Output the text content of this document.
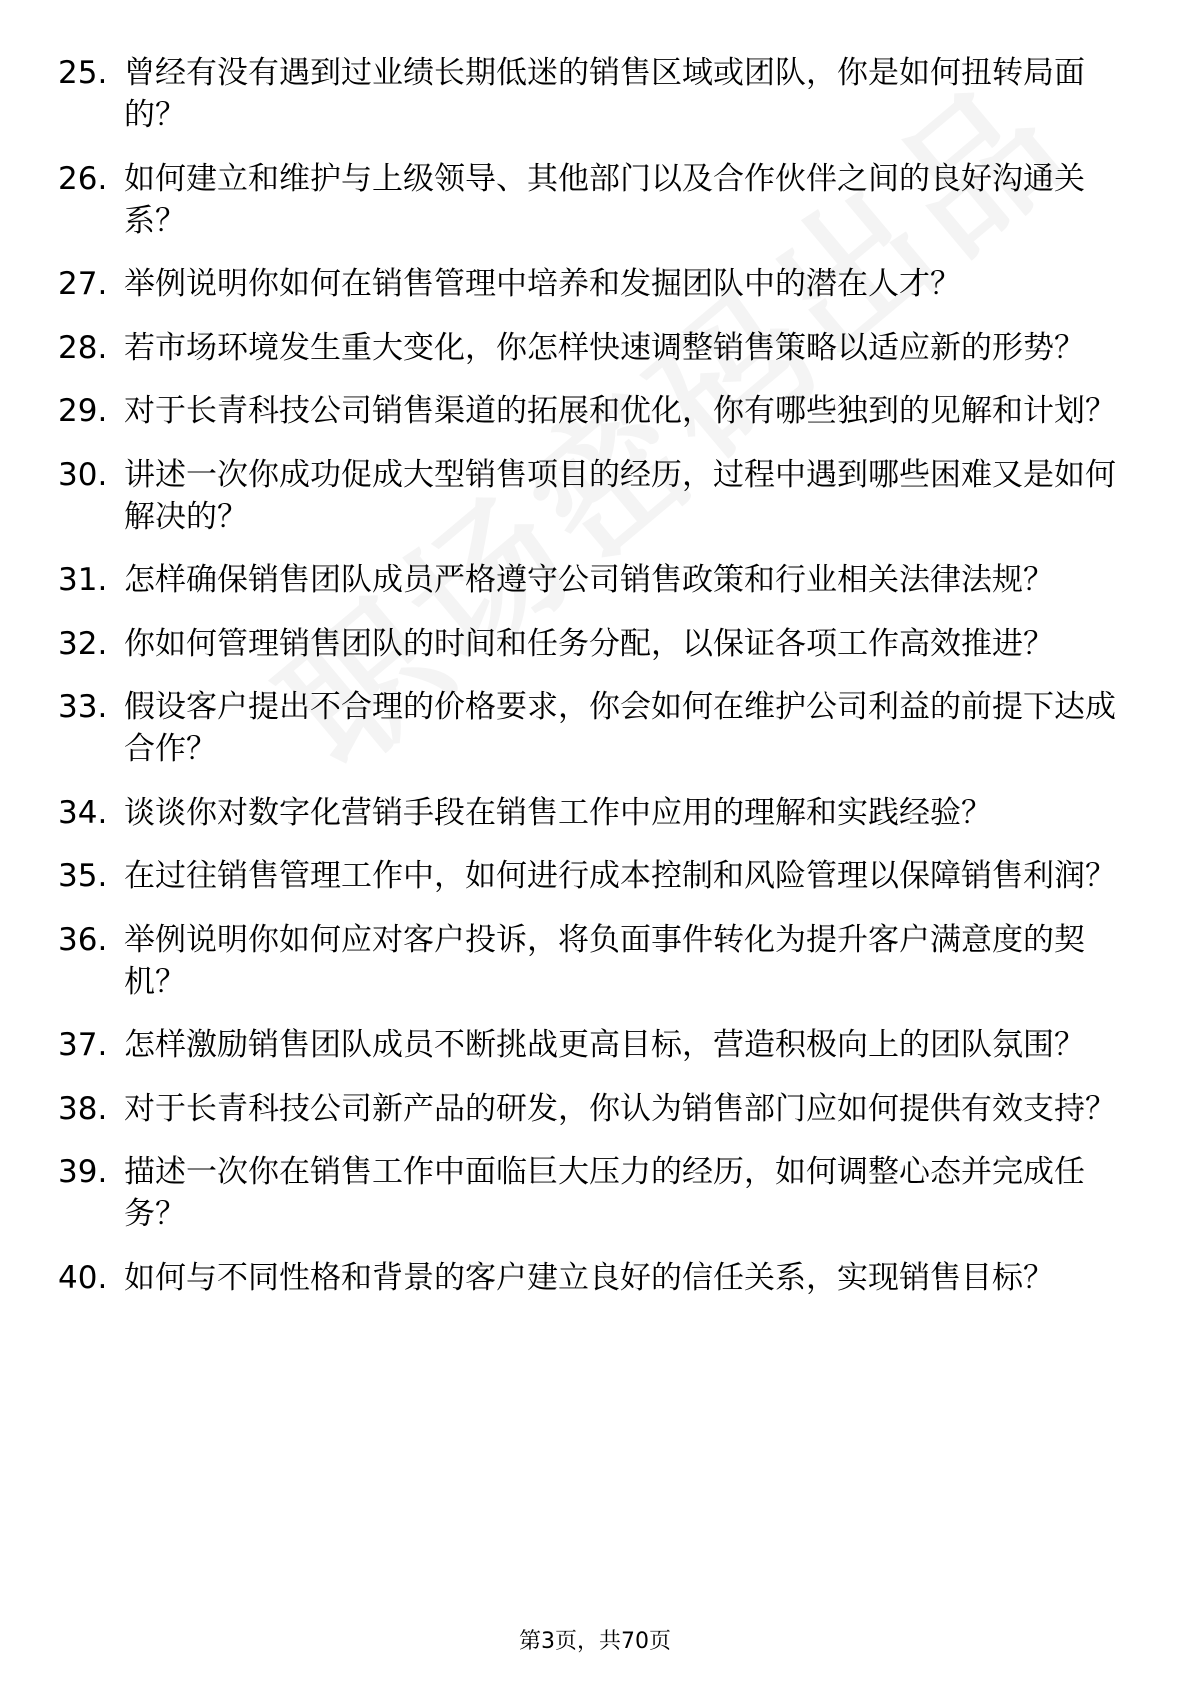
25. 曾经有没有遇到过业绩长期低迷的销售区域或团队，你是如何扭转局面的？
26. 如何建立和维护与上级领导、其他部门以及合作伙伴之间的良好沟通关系？
27. 举例说明你如何在销售管理中培养和发掘团队中的潜在人才？
28. 若市场环境发生重大变化，你怎样快速调整销售策略以适应新的形势？
29. 对于长青科技公司销售渠道的拓展和优化，你有哪些独到的见解和计划？
30. 讲述一次你成功促成大型销售项目的经历，过程中遇到哪些困难又是如何解决的？
31. 怎样确保销售团队成员严格遵守公司销售政策和行业相关法律法规？
32. 你如何管理销售团队的时间和任务分配，以保证各项工作高效推进？
33. 假设客户提出不合理的价格要求，你会如何在维护公司利益的前提下达成合作？
34. 谈谈你对数字化营销手段在销售工作中应用的理解和实践经验？
35. 在过往销售管理工作中，如何进行成本控制和风险管理以保障销售利润？
36. 举例说明你如何应对客户投诉，将负面事件转化为提升客户满意度的契机？
37. 怎样激励销售团队成员不断挑战更高目标，营造积极向上的团队氛围？
38. 对于长青科技公司新产品的研发，你认为销售部门应如何提供有效支持？
39. 描述一次你在销售工作中面临巨大压力的经历，如何调整心态并完成任务？
40. 如何与不同性格和背景的客户建立良好的信任关系，实现销售目标？
第3页，共70页
